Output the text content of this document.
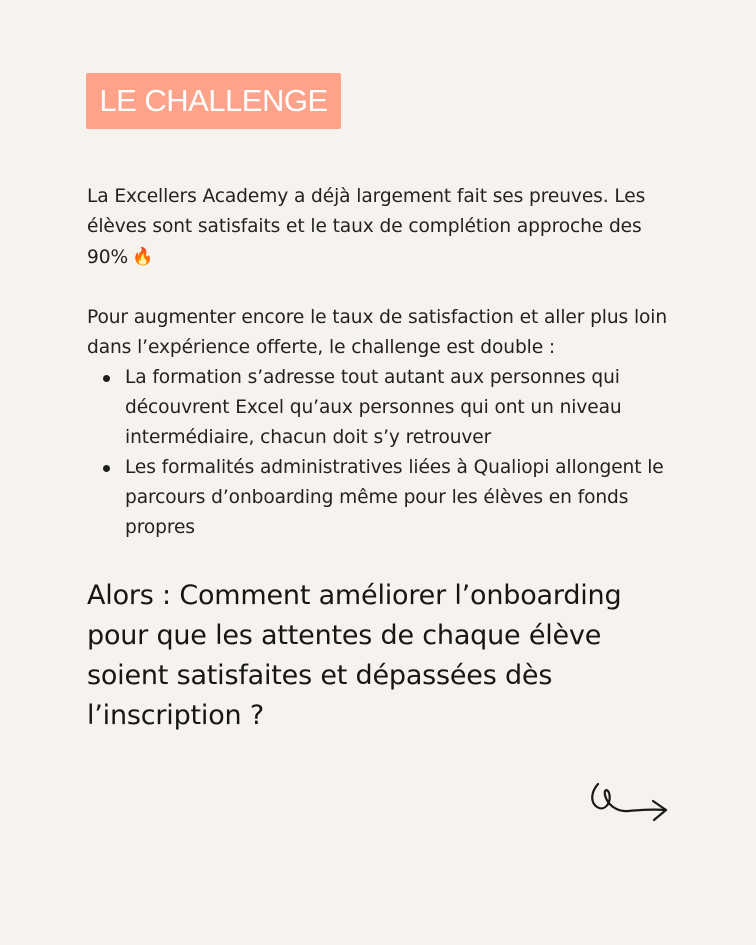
LE CHALLENGE

La Excellers Academy a déjà largement fait ses preuves. Les élèves sont satisfaits et le taux de complétion approche des 90% 🔥

Pour augmenter encore le taux de satisfaction et aller plus loin dans l’expérience offerte, le challenge est double :

La formation s’adresse tout autant aux personnes qui découvrent Excel qu’aux personnes qui ont un niveau intermédiaire, chacun doit s’y retrouver
Les formalités administratives liées à Qualiopi allongent le parcours d’onboarding même pour les élèves en fonds propres
Alors : Comment améliorer l’onboarding pour que les attentes de chaque élève soient satisfaites et dépassées dès l’inscription ?
